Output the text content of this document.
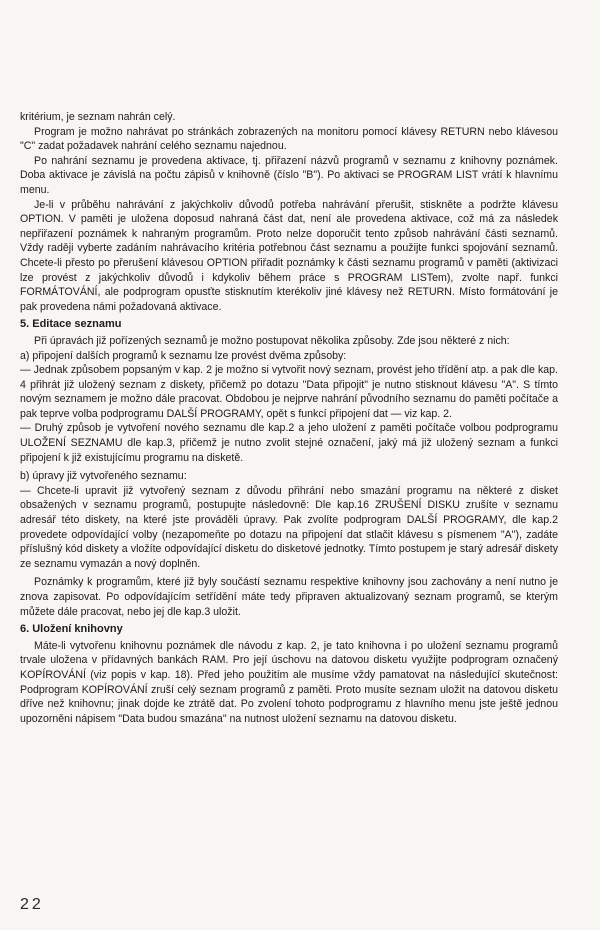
kritérium, je seznam nahrán celý.

Program je možno nahrávat po stránkách zobrazených na monitoru pomocí klávesy RETURN nebo klávesou "C" zadat požadavek nahrání celého seznamu najednou.

Po nahrání seznamu je provedena aktivace, tj. přiřazení názvů programů v seznamu z knihovny poznámek. Doba aktivace je závislá na počtu zápisů v knihovně (číslo "B"). Po aktivaci se PROGRAM LIST vrátí k hlavnímu menu.

Je-li v průběhu nahrávání z jakýchkoliv důvodů potřeba nahrávání přerušit, stiskněte a podržte klávesu OPTION. V paměti je uložena doposud nahraná část dat, není ale provedena aktivace, což má za následek nepřiřazení poznámek k nahraným programům. Proto nelze doporučit tento způsob nahrávání části seznamů. Vždy raději vyberte zadáním nahrávacího kritéria potřebnou část seznamu a použijte funkci spojování seznamů. Chcete-li přesto po přerušení klávesou OPTION přiřadit poznámky k části seznamu programů v paměti (aktivizaci lze provést z jakýchkoliv důvodů i kdykoliv během práce s PROGRAM LISTem), zvolte např. funkci FORMÁTOVÁNÍ, ale podprogram opusťte stisknutím kterékoliv jiné klávesy než RETURN. Místo formátování je pak provedena námi požadovaná aktivace.

5. Editace seznamu

Při úpravách již pořízených seznamů je možno postupovat několika způsoby. Zde jsou některé z nich:

a) připojení dalších programů k seznamu lze provést dvěma způsoby:

— Jednak způsobem popsaným v kap. 2 je možno si vytvořit nový seznam, provést jeho třídění atp. a pak dle kap. 4 přihrát již uložený seznam z diskety, přičemž po dotazu "Data připojit" je nutno stisknout klávesu "A". S tímto novým seznamem je možno dále pracovat. Obdobou je nejprve nahrání původního seznamu do paměti počítače a pak teprve volba podprogramu DALŠÍ PROGRAMY, opět s funkcí připojení dat — viz kap. 2.

— Druhý způsob je vytvoření nového seznamu dle kap.2 a jeho uložení z paměti počítače volbou podprogramu ULOŽENÍ SEZNAMU dle kap.3, přičemž je nutno zvolit stejné označení, jaký má již uložený seznam a funkci připojení k již existujícímu programu na disketě.

b) úpravy již vytvořeného seznamu:

— Chcete-li upravit již vytvořený seznam z důvodu přihrání nebo smazání programu na některé z disket obsažených v seznamu programů, postupujte následovně: Dle kap.16 ZRUŠENÍ DISKU zrušíte v seznamu adresář této diskety, na které jste prováděli úpravy. Pak zvolíte podprogram DALŠÍ PROGRAMY, dle kap.2 provedete odpovídající volby (nezapomeňte po dotazu na připojení dat stlačit klávesu s písmenem "A"), zadáte příslušný kód diskety a vložíte odpovídající disketu do disketové jednotky. Tímto postupem je starý adresář diskety ze seznamu vymazán a nový doplněn.

Poznámky k programům, které již byly součástí seznamu respektive knihovny jsou zachovány a není nutno je znova zapisovat. Po odpovídajícím setřídění máte tedy připraven aktualizovaný seznam programů, se kterým můžete dále pracovat, nebo jej dle kap.3 uložit.

6. Uložení knihovny

Máte-li vytvořenu knihovnu poznámek dle návodu z kap. 2, je tato knihovna i po uložení seznamu programů trvale uložena v přídavných bankách RAM. Pro její úschovu na datovou disketu využijte podprogram označený KOPÍROVÁNÍ (viz popis v kap. 18). Před jeho použitím ale musíme vždy pamatovat na následující skutečnost: Podprogram KOPÍROVÁNÍ zruší celý seznam programů z paměti. Proto musíte seznam uložit na datovou disketu dříve než knihovnu; jinak dojde ke ztrátě dat. Po zvolení tohoto podprogramu z hlavního menu jste ještě jednou upozorněni nápisem "Data budou smazána" na nutnost uložení seznamu na datovou disketu.

22
